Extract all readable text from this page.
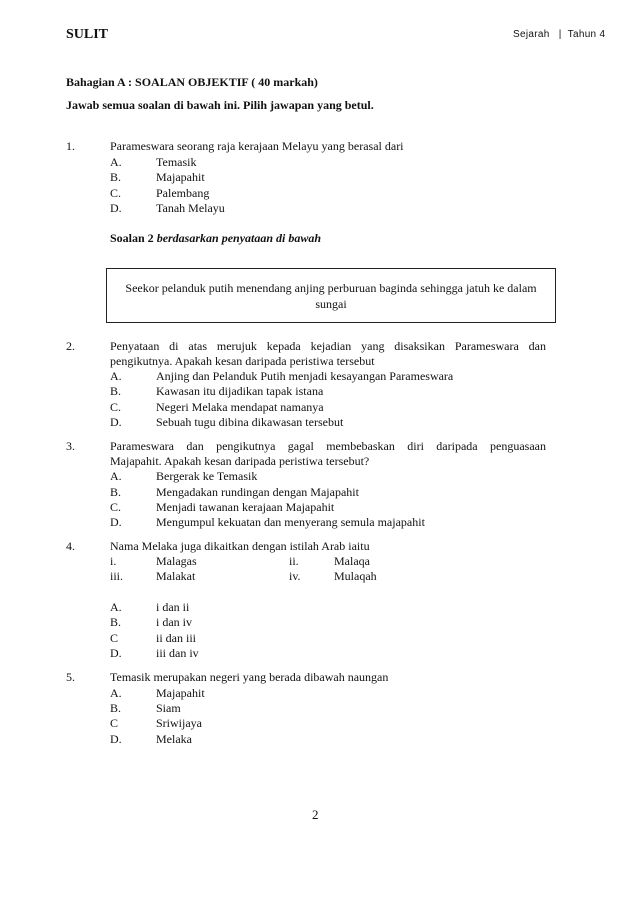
SULIT	Sejarah   |  Tahun 4
Bahagian A : SOALAN OBJEKTIF ( 40 markah)
Jawab semua soalan di bawah ini. Pilih jawapan yang betul.
1.	Parameswara seorang raja kerajaan Melayu yang berasal dari
A.	Temasik
B.	Majapahit
C.	Palembang
D.	Tanah Melayu
Soalan 2 berdasarkan penyataan di bawah
Seekor pelanduk putih menendang anjing perburuan baginda sehingga jatuh ke dalam sungai
2.	Penyataan di atas merujuk kepada kejadian yang disaksikan Parameswara dan
pengikutnya. Apakah kesan daripada peristiwa tersebut
A.	Anjing dan Pelanduk Putih menjadi kesayangan Parameswara
B.	Kawasan itu dijadikan tapak istana
C.	Negeri Melaka mendapat namanya
D.	Sebuah tugu dibina dikawasan tersebut
3.	Parameswara dan pengikutnya gagal membebaskan diri daripada penguasaan
Majapahit. Apakah kesan daripada peristiwa tersebut?
A.	Bergerak ke Temasik
B.	Mengadakan rundingan dengan Majapahit
C.	Menjadi tawanan kerajaan Majapahit
D.	Mengumpul kekuatan dan menyerang semula majapahit
4.	Nama Melaka juga dikaitkan dengan istilah Arab iaitu
i.	Malagas	ii.	Malaqa
iii.	Malakat	iv.	Mulaqah
A.	i dan ii
B.	i dan iv
C	ii dan iii
D.	iii dan iv
5.	Temasik merupakan negeri yang berada dibawah naungan
A.	Majapahit
B.	Siam
C	Sriwijaya
D.	Melaka
2
